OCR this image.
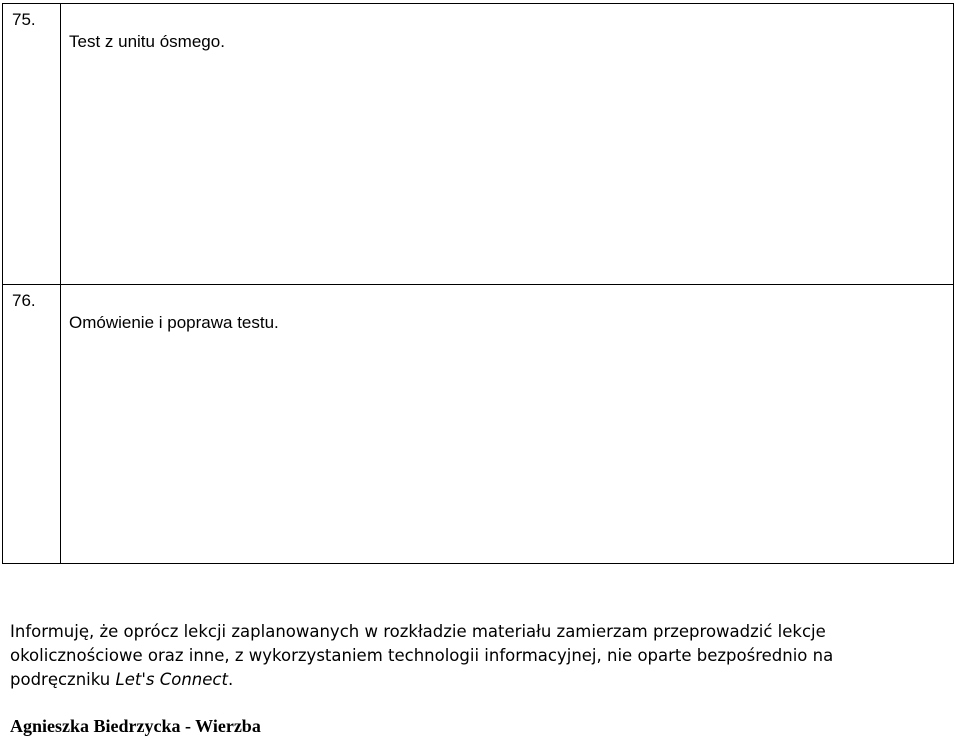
75.	Test z unitu ósmego.

76.	Omówienie i poprawa testu.

Informuję, że oprócz lekcji zaplanowanych w rozkładzie materiału zamierzam przeprowadzić lekcje
okolicznościowe oraz inne, z wykorzystaniem technologii informacyjnej, nie oparte bezpośrednio na
podręczniku Let's Connect.

Agnieszka Biedrzycka - Wierzba
